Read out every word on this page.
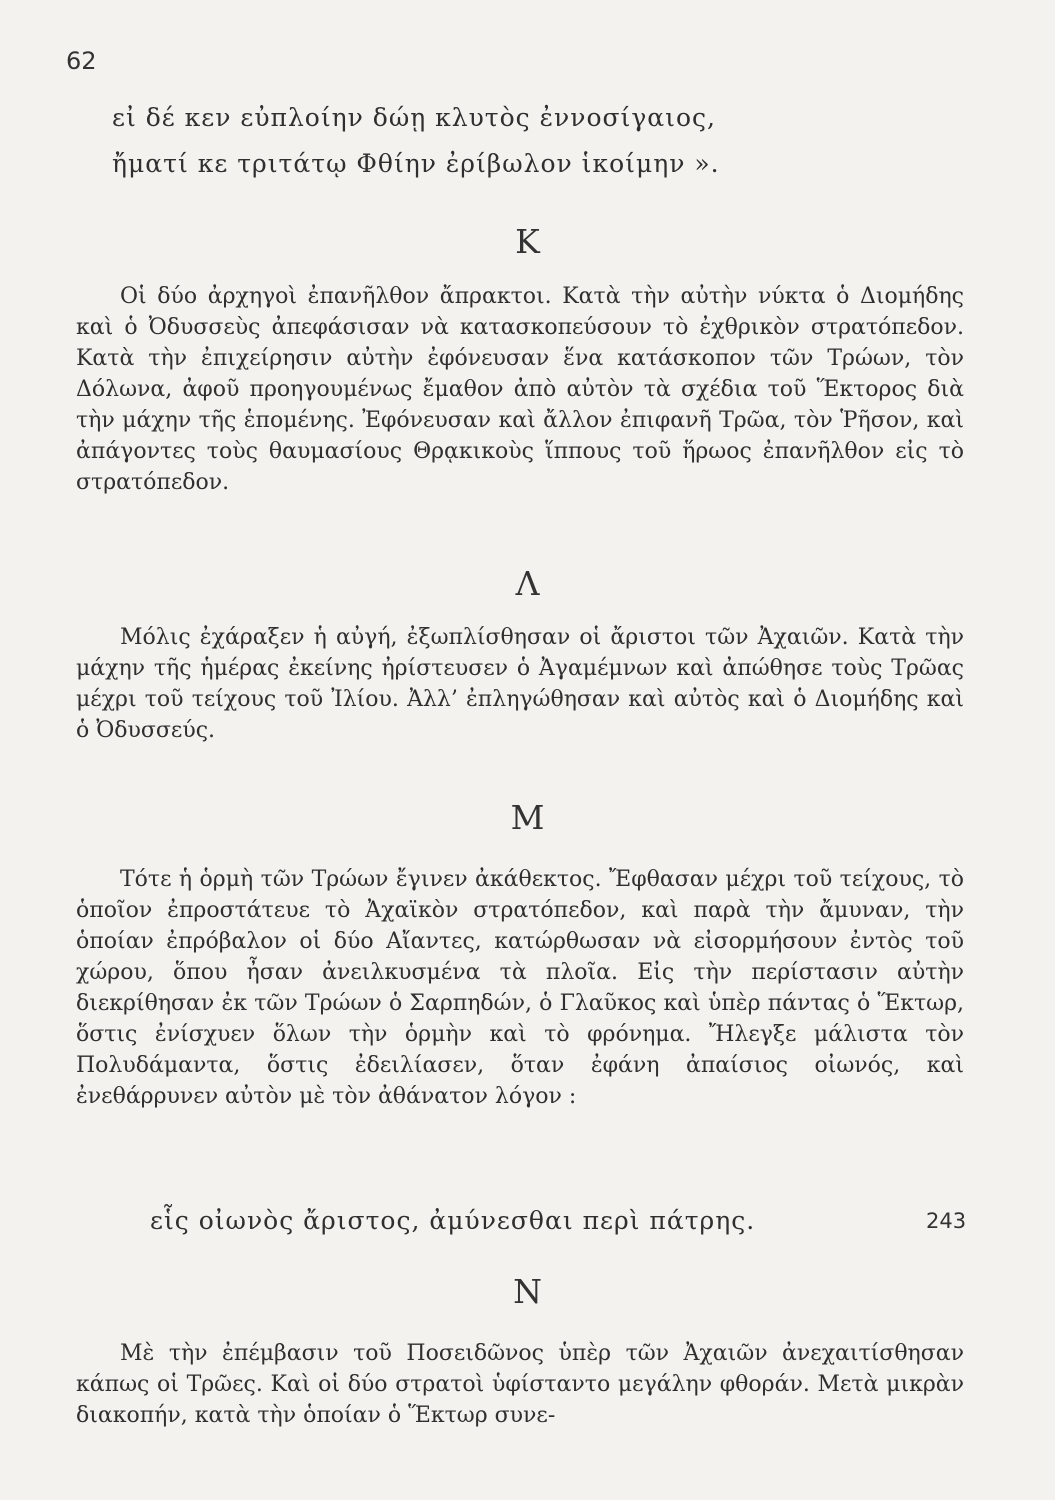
62
εἰ δέ κεν εὐπλοίην δώῃ κλυτὸς ἐννοσίγαιος,
ἤματί κε τριτάτῳ Φθίην ἐρίβωλον ἱκοίμην ».
Κ

Οἱ δύο ἀρχηγοὶ ἐπανῆλθον ἄπρακτοι. Κατὰ τὴν αὐτὴν νύκτα ὁ Διομήδης καὶ ὁ Ὀδυσσεὺς ἀπεφάσισαν νὰ κατασκοπεύσουν τὸ ἐχθρικὸν στρατόπεδον. Κατὰ τὴν ἐπιχείρησιν αὐτὴν ἐφόνευσαν ἕνα κατάσκοπον τῶν Τρώων, τὸν Δόλωνα, ἀφοῦ προηγουμένως ἔμαθον ἀπὸ αὐτὸν τὰ σχέδια τοῦ Ἕκτορος διὰ τὴν μάχην τῆς ἑπομένης. Ἐφόνευσαν καὶ ἄλλον ἐπιφανῆ Τρῶα, τὸν Ῥῆσον, καὶ ἀπάγοντες τοὺς θαυμασίους Θρᾳκικοὺς ἵππους τοῦ ἥρωος ἐπανῆλθον εἰς τὸ στρατόπεδον.

Λ

Μόλις ἐχάραξεν ἡ αὐγή, ἐξωπλίσθησαν οἱ ἄριστοι τῶν Ἀχαιῶν. Κατὰ τὴν μάχην τῆς ἡμέρας ἐκείνης ἠρίστευσεν ὁ Ἀγαμέμνων καὶ ἀπώθησε τοὺς Τρῶας μέχρι τοῦ τείχους τοῦ Ἰλίου. Ἀλλ’ ἐπληγώθησαν καὶ αὐτὸς καὶ ὁ Διομήδης καὶ ὁ Ὀδυσσεύς.

Μ

Τότε ἡ ὁρμὴ τῶν Τρώων ἔγινεν ἀκάθεκτος. Ἔφθασαν μέχρι τοῦ τείχους, τὸ ὁποῖον ἐπροστάτευε τὸ Ἀχαϊκὸν στρατόπεδον, καὶ παρὰ τὴν ἄμυναν, τὴν ὁποίαν ἐπρόβαλον οἱ δύο Αἴαντες, κατώρθωσαν νὰ εἰσορμήσουν ἐντὸς τοῦ χώρου, ὅπου ἦσαν ἀνειλκυσμένα τὰ πλοῖα. Εἰς τὴν περίστασιν αὐτὴν διεκρίθησαν ἐκ τῶν Τρώων ὁ Σαρπηδών, ὁ Γλαῦκος καὶ ὑπὲρ πάντας ὁ Ἕκτωρ, ὅστις ἐνίσχυεν ὅλων τὴν ὁρμὴν καὶ τὸ φρόνημα. Ἤλεγξε μάλιστα τὸν Πολυδάμαντα, ὅστις ἐδειλίασεν, ὅταν ἐφάνη ἀπαίσιος οἰωνός, καὶ ἐνεθάρρυνεν αὐτὸν μὲ τὸν ἀθάνατον λόγον :

εἷς οἰωνὸς ἄριστος, ἀμύνεσθαι περὶ πάτρης.	243
Ν

Μὲ τὴν ἐπέμβασιν τοῦ Ποσειδῶνος ὑπὲρ τῶν Ἀχαιῶν ἀνεχαιτίσθησαν κάπως οἱ Τρῶες. Καὶ οἱ δύο στρατοὶ ὑφίσταντο μεγάλην φθοράν. Μετὰ μικρὰν διακοπήν, κατὰ τὴν ὁποίαν ὁ Ἕκτωρ συνε-
